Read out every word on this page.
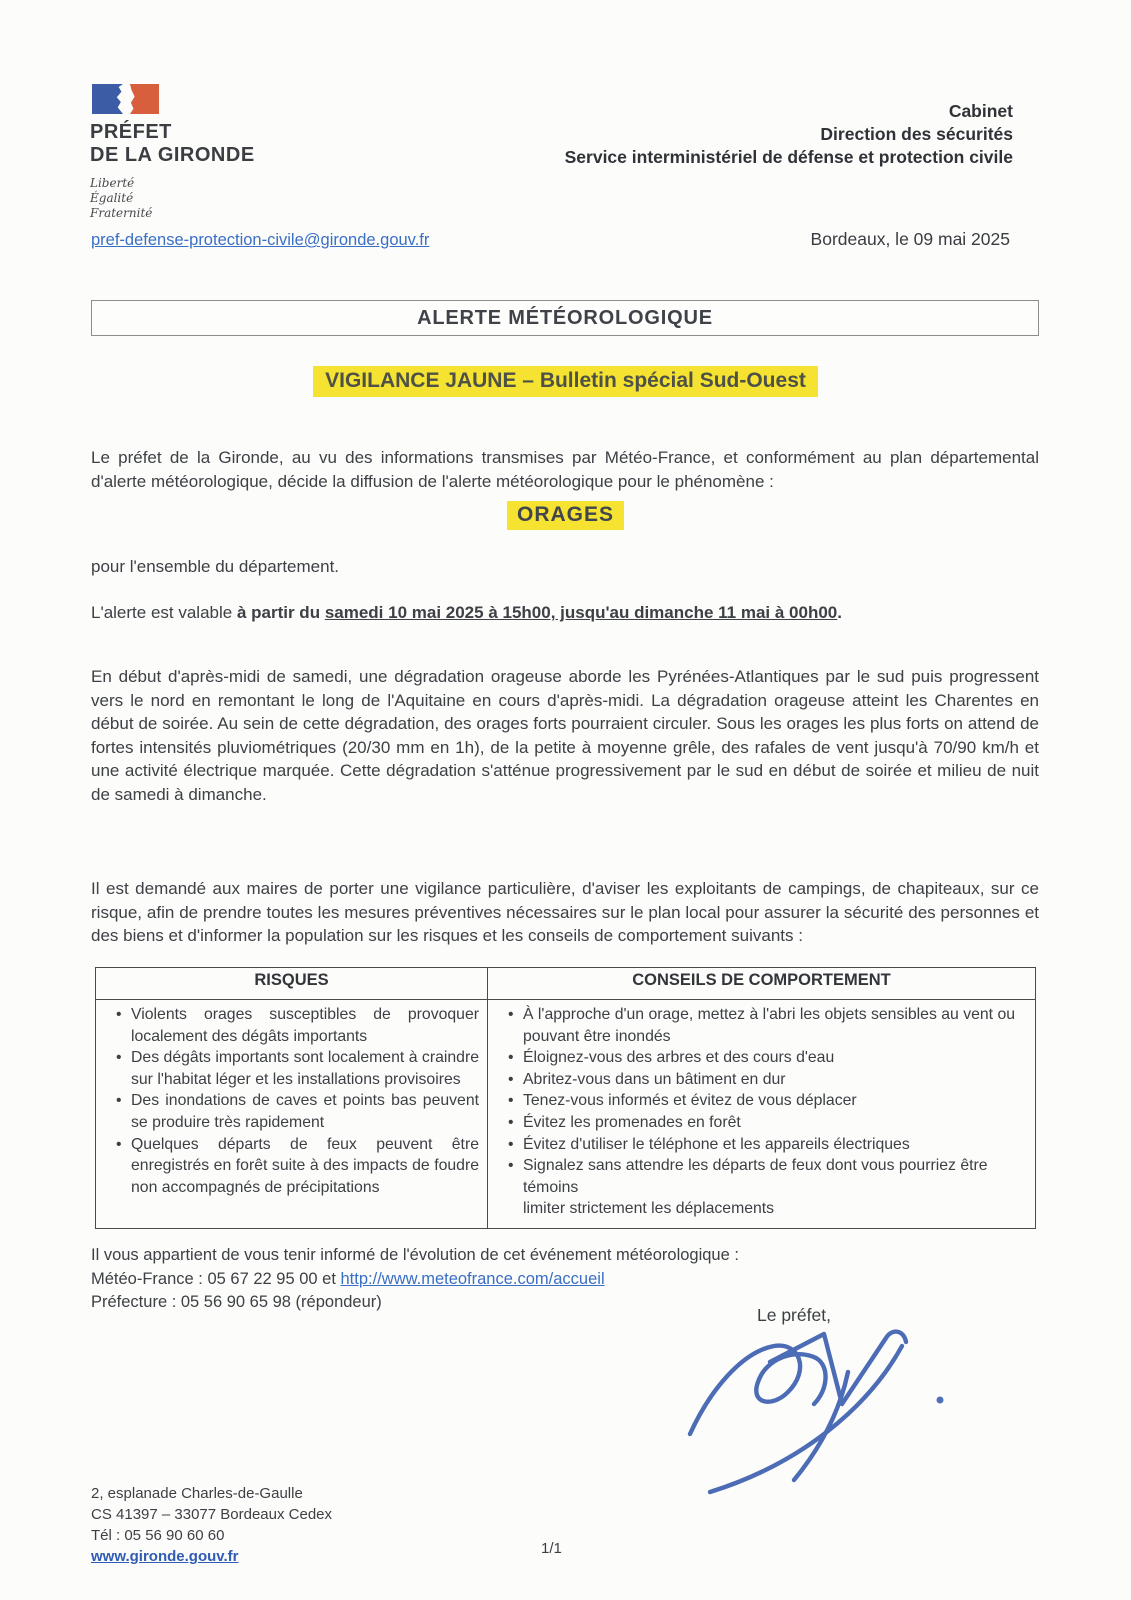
PRÉFET
DE LA GIRONDE
Liberté
Égalité
Fraternité
Cabinet
Direction des sécurités
Service interministériel de défense et protection civile
pref-defense-protection-civile@gironde.gouv.fr	Bordeaux, le 09 mai 2025
ALERTE MÉTÉOROLOGIQUE
VIGILANCE JAUNE – Bulletin spécial Sud-Ouest

Le préfet de la Gironde, au vu des informations transmises par Météo-France, et conformément au plan départemental d'alerte météorologique, décide la diffusion de l'alerte météorologique pour le phénomène :

ORAGES

pour l'ensemble du département.

L'alerte est valable à partir du samedi 10 mai 2025 à 15h00, jusqu'au dimanche 11 mai à 00h00.

En début d'après-midi de samedi, une dégradation orageuse aborde les Pyrénées-Atlantiques par le sud puis progressent vers le nord en remontant le long de l'Aquitaine en cours d'après-midi. La dégradation orageuse atteint les Charentes en début de soirée. Au sein de cette dégradation, des orages forts pourraient circuler. Sous les orages les plus forts on attend de fortes intensités pluviométriques (20/30 mm en 1h), de la petite à moyenne grêle, des rafales de vent jusqu'à 70/90 km/h et une activité électrique marquée. Cette dégradation s'atténue progressivement par le sud en début de soirée et milieu de nuit de samedi à dimanche.

Il est demandé aux maires de porter une vigilance particulière, d'aviser les exploitants de campings, de chapiteaux, sur ce risque, afin de prendre toutes les mesures préventives nécessaires sur le plan local pour assurer la sécurité des personnes et des biens et d'informer la population sur les risques et les conseils de comportement suivants :

RISQUES	CONSEILS DE COMPORTEMENT

• Violents orages susceptibles de provoquer localement des dégâts importants
• Des dégâts importants sont localement à craindre sur l'habitat léger et les installations provisoires
• Des inondations de caves et points bas peuvent se produire très rapidement
• Quelques départs de feux peuvent être enregistrés en forêt suite à des impacts de foudre non accompagnés de précipitations

• À l'approche d'un orage, mettez à l'abri les objets sensibles au vent ou pouvant être inondés
• Éloignez-vous des arbres et des cours d'eau
• Abritez-vous dans un bâtiment en dur
• Tenez-vous informés et évitez de vous déplacer
• Évitez les promenades en forêt
• Évitez d'utiliser le téléphone et les appareils électriques
• Signalez sans attendre les départs de feux dont vous pourriez être témoins
limiter strictement les déplacements
Il vous appartient de vous tenir informé de l'évolution de cet événement météorologique :
Météo-France : 05 67 22 95 00 et http://www.meteofrance.com/accueil
Préfecture : 05 56 90 65 98 (répondeur)
Le préfet,
2, esplanade Charles-de-Gaulle
CS 41397 – 33077 Bordeaux Cedex
Tél : 05 56 90 60 60
www.gironde.gouv.fr	1/1
